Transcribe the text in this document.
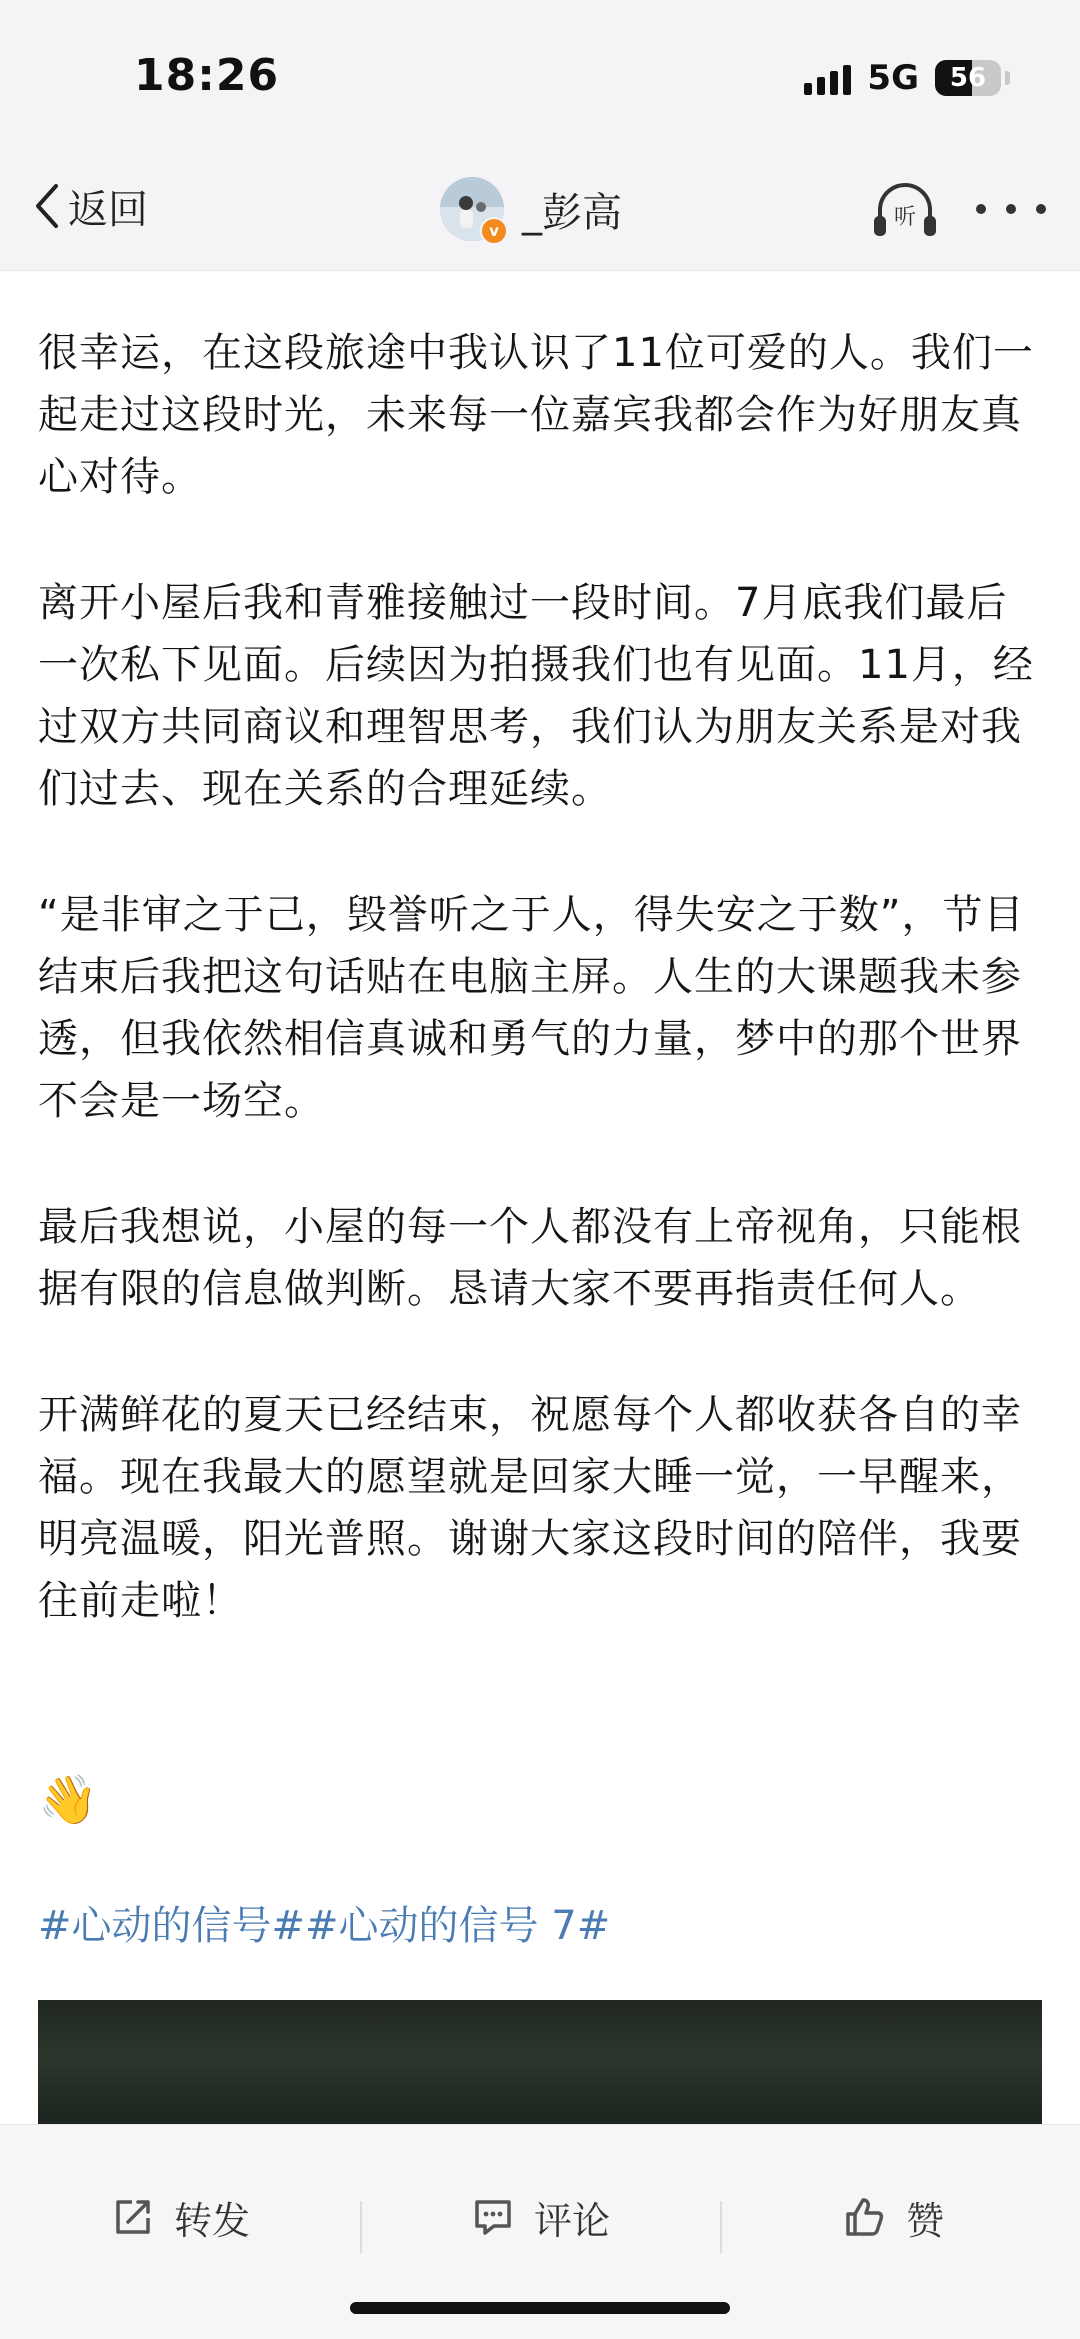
18:26	5G	56
返回	v _彭高	听

很幸运，在这段旅途中我认识了11位可爱的人。我们一起走过这段时光，未来每一位嘉宾我都会作为好朋友真心对待。

离开小屋后我和青雅接触过一段时间。7月底我们最后一次私下见面。后续因为拍摄我们也有见面。11月，经过双方共同商议和理智思考，我们认为朋友关系是对我们过去、现在关系的合理延续。

“是非审之于己，毁誉听之于人，得失安之于数”，节目结束后我把这句话贴在电脑主屏。人生的大课题我未参透，但我依然相信真诚和勇气的力量，梦中的那个世界不会是一场空。

最后我想说，小屋的每一个人都没有上帝视角，只能根据有限的信息做判断。恳请大家不要再指责任何人。

开满鲜花的夏天已经结束，祝愿每个人都收获各自的幸福。现在我最大的愿望就是回家大睡一觉，一早醒来，明亮温暖，阳光普照。谢谢大家这段时间的陪伴，我要往前走啦！

👋
#心动的信号# #心动的信号 7#
转发	评论	赞
